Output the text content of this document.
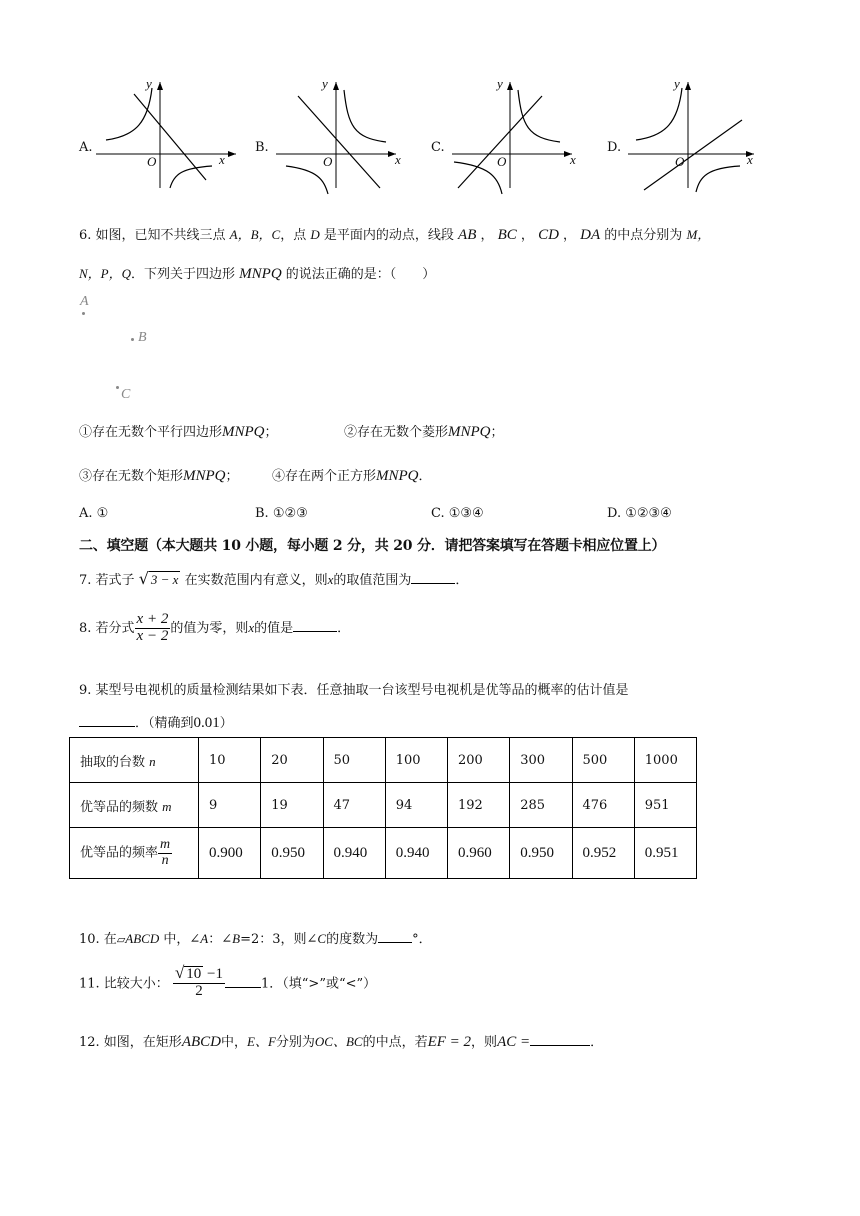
A.
y
x
O
B.
y
x
O
C.
y
x
O
D.
y
x
O
6. 如图，已知不共线三点 A，B，C，点 D 是平面内的动点，线段 AB ， BC ， CD ， DA 的中点分别为 M，
N，P，Q．下列关于四边形 MNPQ 的说法正确的是：（　　）
A
B
C
①存在无数个平行四边形MNPQ；	②存在无数个菱形MNPQ；
③存在无数个矩形MNPQ；	④存在两个正方形MNPQ．
A. ①	B. ①②③	C. ①③④	D. ①②③④
二、填空题（本大题共 10 小题，每小题 2 分，共 20 分．请把答案填写在答题卡相应位置上）
7. 若式子 √ 3 − x 在实数范围内有意义，则x的取值范围为	．
8. 若分式 $\frac{x + 2}{x - 2}$ 的值为零，则x的值是	．
9. 某型号电视机的质量检测结果如下表．任意抽取一台该型号电视机是优等品的概率的估计值是
．（精确到0.01）
抽取的台数 n	10	20	50	100	200	300	500	1000
优等品的频数 m	9	19	47	94	192	285	476	951
优等品的频率 $\frac{m}{n}$	0.900	0.950	0.940	0.940	0.960	0.950	0.952	0.951
10. 在▱ABCD 中，∠A：∠B=2：3，则∠C的度数为	°．
11. 比较大小： $\frac{√ 10 -1}{2}$	1．（填“>”或“<”）
12. 如图，在矩形ABCD中，E、F分别为OC、BC的中点，若EF = 2，则AC =	．
